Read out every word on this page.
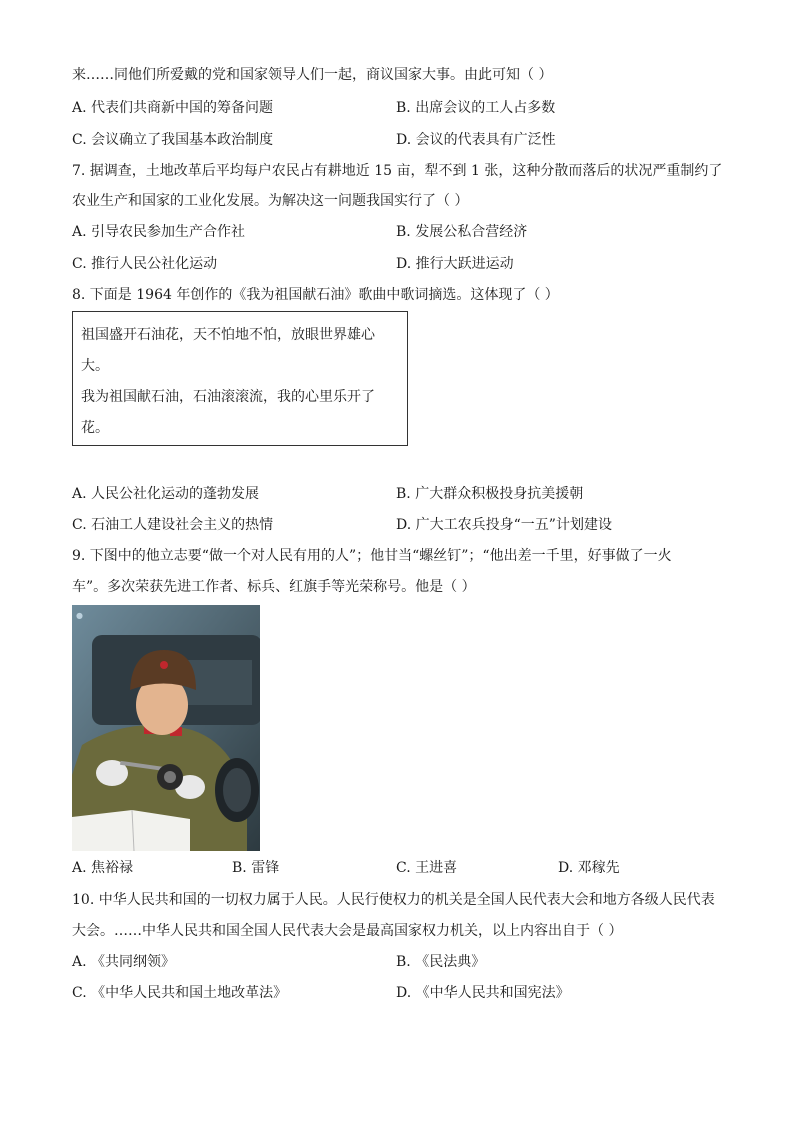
来……同他们所爱戴的党和国家领导人们一起，商议国家大事。由此可知（ ）
A. 代表们共商新中国的筹备问题	B. 出席会议的工人占多数
C. 会议确立了我国基本政治制度	D. 会议的代表具有广泛性
7. 据调查，土地改革后平均每户农民占有耕地近 15 亩，犁不到 1 张，这种分散而落后的状况严重制约了
农业生产和国家的工业化发展。为解决这一问题我国实行了（ ）
A. 引导农民参加生产合作社	B. 发展公私合营经济
C. 推行人民公社化运动	D. 推行大跃进运动
8. 下面是 1964 年创作的《我为祖国献石油》歌曲中歌词摘选。这体现了（ ）
祖国盛开石油花，天不怕地不怕，放眼世界雄心
大。
我为祖国献石油，石油滚滚流，我的心里乐开了
花。
A. 人民公社化运动的蓬勃发展	B. 广大群众积极投身抗美援朝
C. 石油工人建设社会主义的热情	D. 广大工农兵投身“一五”计划建设
9. 下图中的他立志要“做一个对人民有用的人”；他甘当“螺丝钉”；“他出差一千里，好事做了一火
车”。多次荣获先进工作者、标兵、红旗手等光荣称号。他是（ ）
●
A. 焦裕禄	B. 雷锋	C. 王进喜	D. 邓稼先
10. 中华人民共和国的一切权力属于人民。人民行使权力的机关是全国人民代表大会和地方各级人民代表
大会。……中华人民共和国全国人民代表大会是最高国家权力机关，以上内容出自于（ ）
A. 《共同纲领》	B. 《民法典》
C. 《中华人民共和国土地改革法》	D. 《中华人民共和国宪法》
